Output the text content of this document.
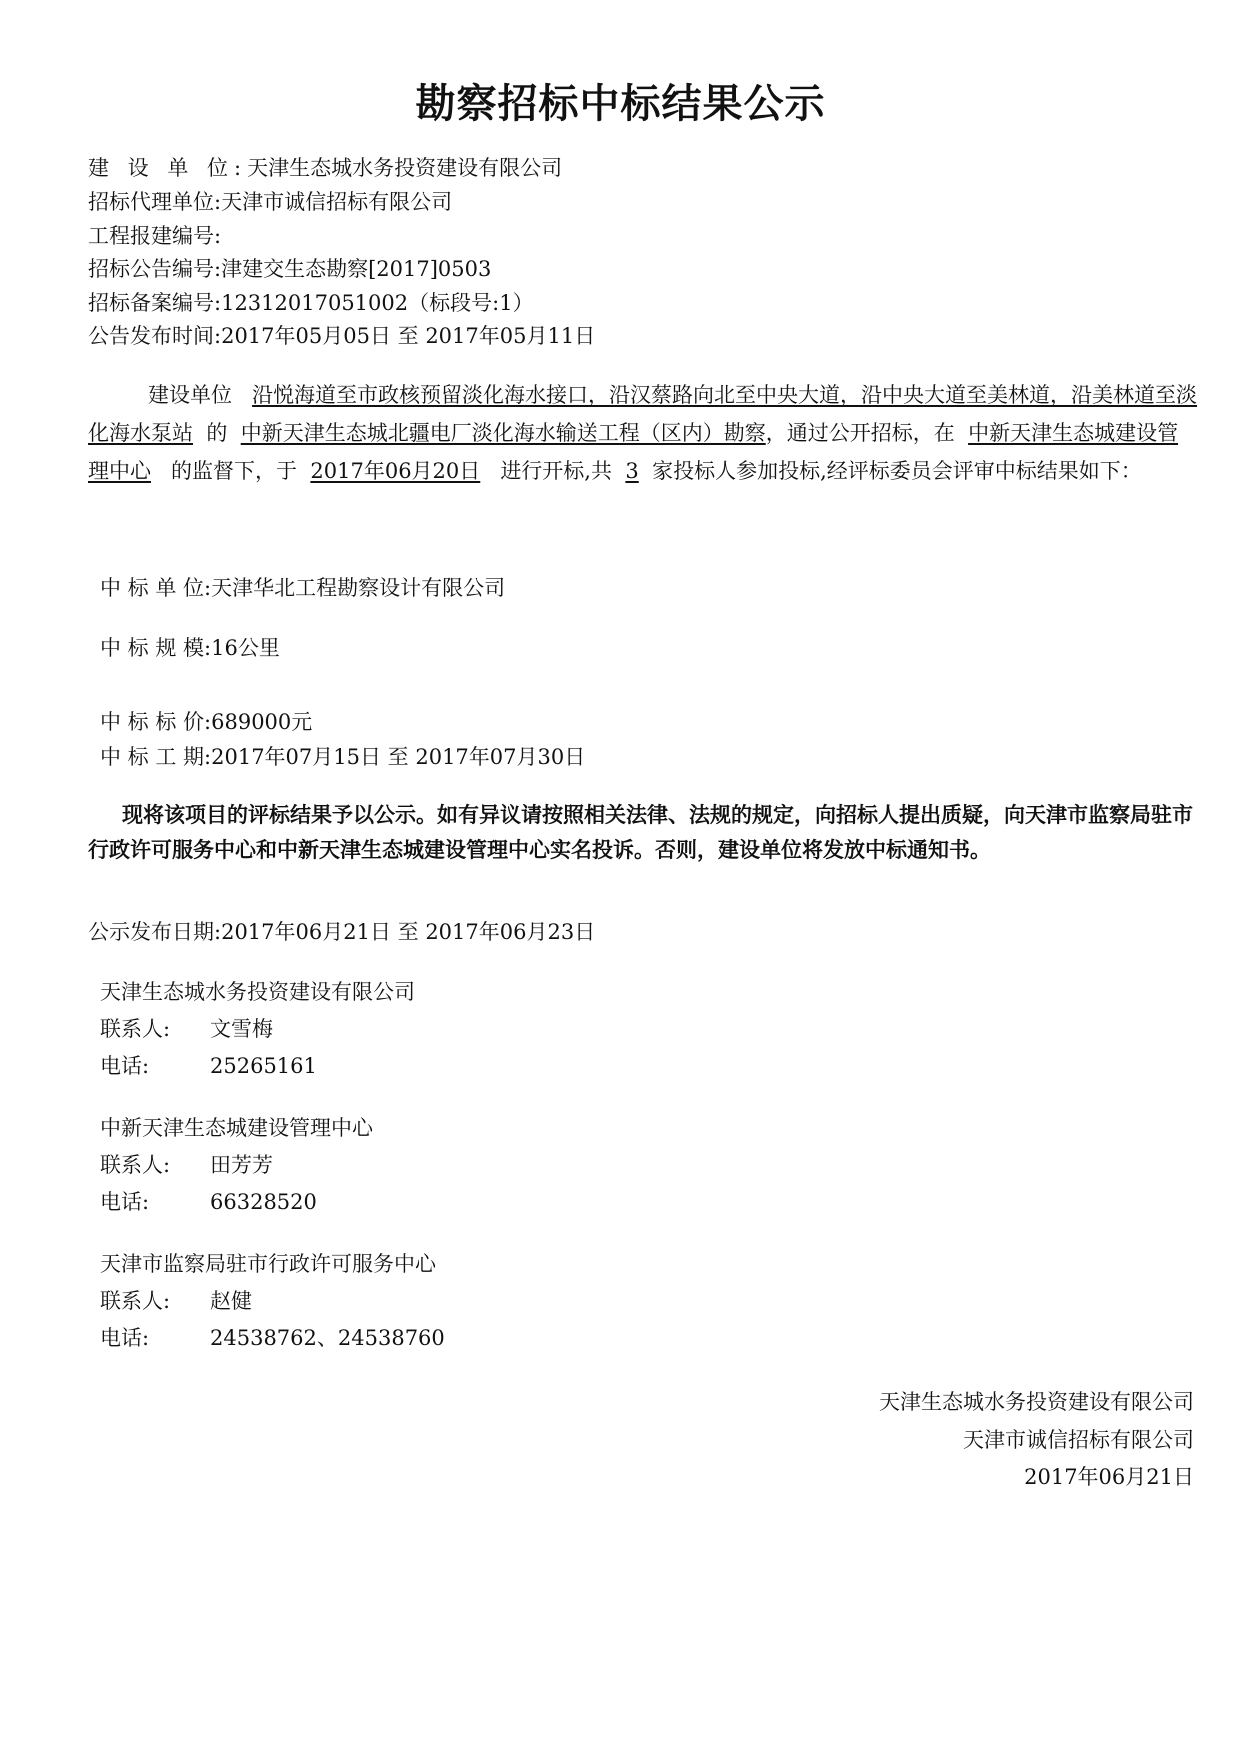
勘察招标中标结果公示
建 设 单 位:天津生态城水务投资建设有限公司
招标代理单位:天津市诚信招标有限公司
工程报建编号:
招标公告编号:津建交生态勘察[2017]0503
招标备案编号:12312017051002（标段号:1）
公告发布时间:2017年05月05日 至 2017年05月11日
建设单位 沿悦海道至市政核预留淡化海水接口，沿汉蔡路向北至中央大道，沿中央大道至美林道，沿美林道至淡化海水泵站 的 中新天津生态城北疆电厂淡化海水输送工程（区内）勘察，通过公开招标，在 中新天津生态城建设管理中心 的监督下，于 2017年06月20日 进行开标,共 3 家投标人参加投标,经评标委员会评审中标结果如下：
中 标 单 位:天津华北工程勘察设计有限公司
中 标 规 模:16公里
中 标 标 价:689000元
中 标 工 期:2017年07月15日 至 2017年07月30日
现将该项目的评标结果予以公示。如有异议请按照相关法律、法规的规定，向招标人提出质疑，向天津市监察局驻市行政许可服务中心和中新天津生态城建设管理中心实名投诉。否则，建设单位将发放中标通知书。
公示发布日期:2017年06月21日 至 2017年06月23日
天津生态城水务投资建设有限公司
联系人: 文雪梅
电话:	25265161
中新天津生态城建设管理中心
联系人: 田芳芳
电话:	66328520
天津市监察局驻市行政许可服务中心
联系人: 赵健
电话:	24538762、24538760
天津生态城水务投资建设有限公司
天津市诚信招标有限公司
2017年06月21日
